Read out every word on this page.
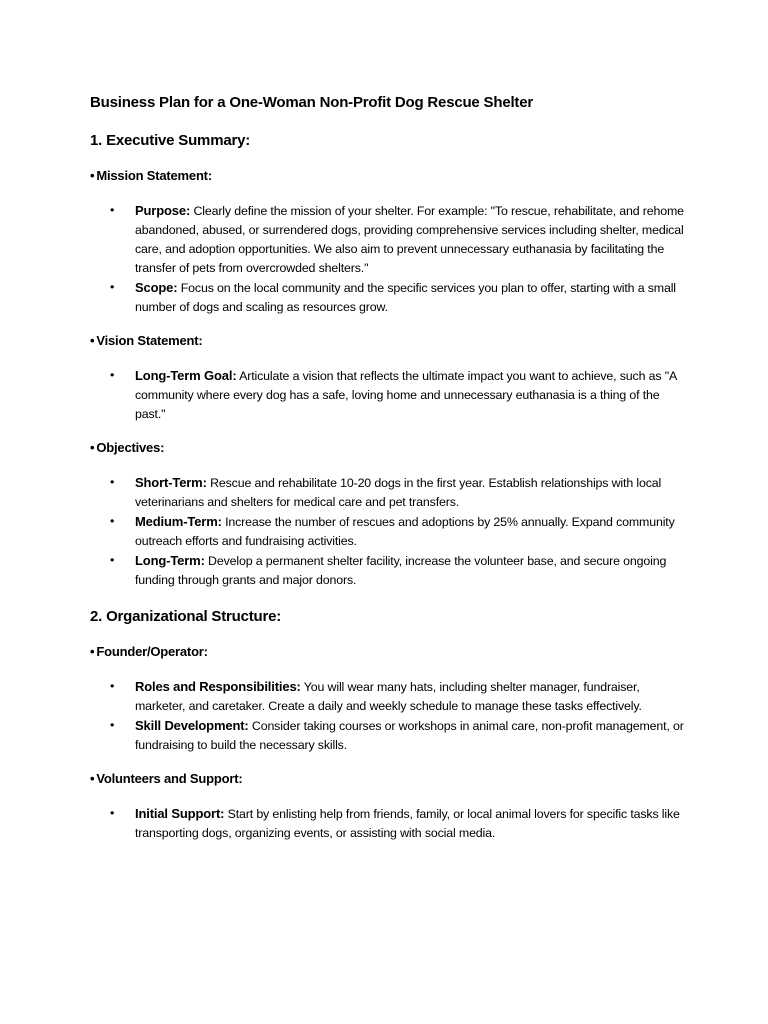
Business Plan for a One-Woman Non-Profit Dog Rescue Shelter
1. Executive Summary:
• Mission Statement:
• Purpose: Clearly define the mission of your shelter. For example: "To rescue, rehabilitate, and rehome abandoned, abused, or surrendered dogs, providing comprehensive services including shelter, medical care, and adoption opportunities. We also aim to prevent unnecessary euthanasia by facilitating the transfer of pets from overcrowded shelters."
• Scope: Focus on the local community and the specific services you plan to offer, starting with a small number of dogs and scaling as resources grow.
• Vision Statement:
• Long-Term Goal: Articulate a vision that reflects the ultimate impact you want to achieve, such as "A community where every dog has a safe, loving home and unnecessary euthanasia is a thing of the past."
• Objectives:
• Short-Term: Rescue and rehabilitate 10-20 dogs in the first year. Establish relationships with local veterinarians and shelters for medical care and pet transfers.
• Medium-Term: Increase the number of rescues and adoptions by 25% annually. Expand community outreach efforts and fundraising activities.
• Long-Term: Develop a permanent shelter facility, increase the volunteer base, and secure ongoing funding through grants and major donors.
2. Organizational Structure:
• Founder/Operator:
• Roles and Responsibilities: You will wear many hats, including shelter manager, fundraiser, marketer, and caretaker. Create a daily and weekly schedule to manage these tasks effectively.
• Skill Development: Consider taking courses or workshops in animal care, non-profit management, or fundraising to build the necessary skills.
• Volunteers and Support:
• Initial Support: Start by enlisting help from friends, family, or local animal lovers for specific tasks like transporting dogs, organizing events, or assisting with social media.
